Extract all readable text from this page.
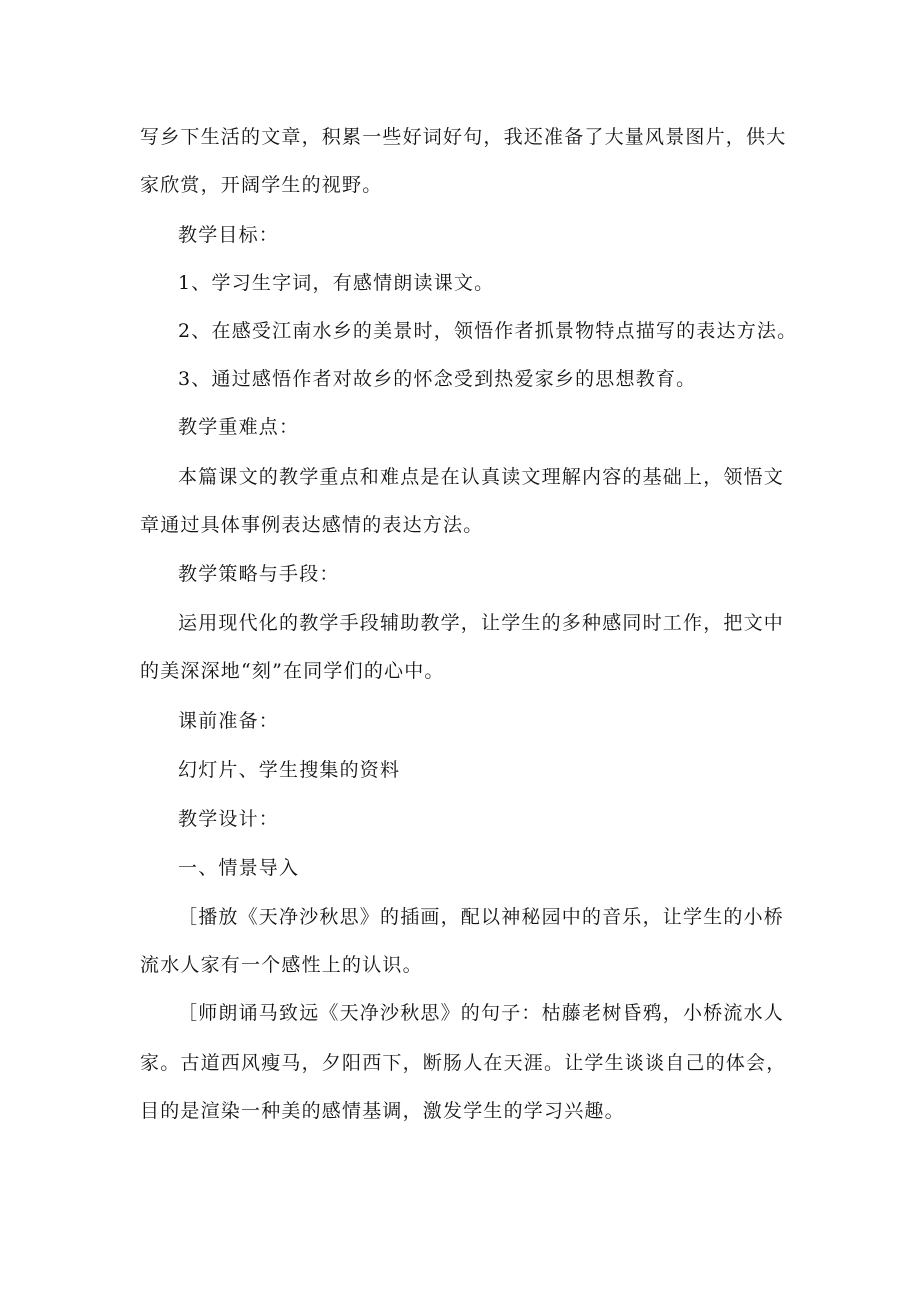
写乡下生活的文章，积累一些好词好句，我还准备了大量风景图片，供大
家欣赏，开阔学生的视野。
教学目标：
1、学习生字词，有感情朗读课文。
2、在感受江南水乡的美景时，领悟作者抓景物特点描写的表达方法。
3、通过感悟作者对故乡的怀念受到热爱家乡的思想教育。
教学重难点：
本篇课文的教学重点和难点是在认真读文理解内容的基础上，领悟文
章通过具体事例表达感情的表达方法。
教学策略与手段：
运用现代化的教学手段辅助教学，让学生的多种感同时工作，把文中
的美深深地“刻”在同学们的心中。
课前准备：
幻灯片、学生搜集的资料
教学设计：
一、情景导入
［播放《天净沙秋思》的插画，配以神秘园中的音乐，让学生的小桥
流水人家有一个感性上的认识。
［师朗诵马致远《天净沙秋思》的句子：枯藤老树昏鸦，小桥流水人
家。古道西风瘦马，夕阳西下，断肠人在天涯。让学生谈谈自己的体会，
目的是渲染一种美的感情基调，激发学生的学习兴趣。
